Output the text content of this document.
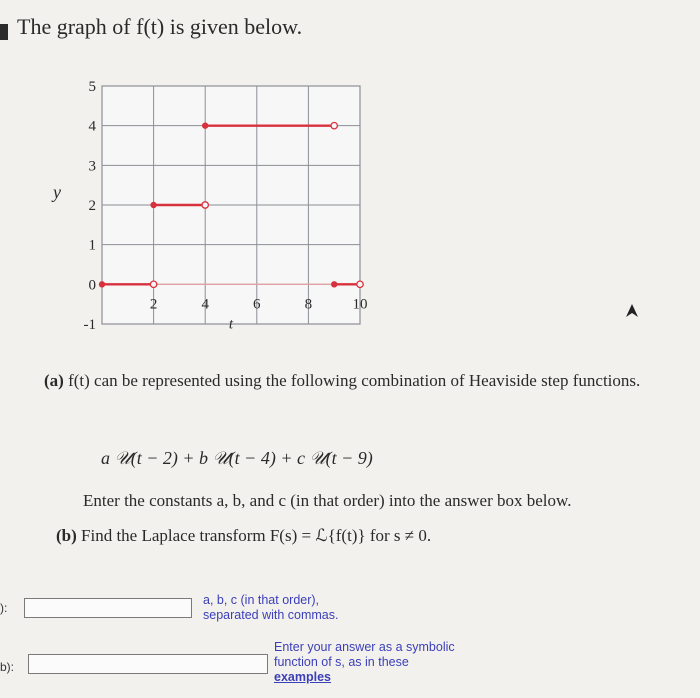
The graph of f(t) is given below.
y
5
4
3
2
1
0
-1
2	4	6	8	10
t
(a) f(t) can be represented using the following combination of Heaviside step functions.
a 𝒰(t − 2) + b 𝒰(t − 4) + c 𝒰(t − 9)
Enter the constants a, b, and c (in that order) into the answer box below.
(b) Find the Laplace transform F(s) = ℒ{f(t)} for s ≠ 0.
):
a, b, c (in that order),
separated with commas.
b):
Enter your answer as a symbolic
function of s, as in these
examples
